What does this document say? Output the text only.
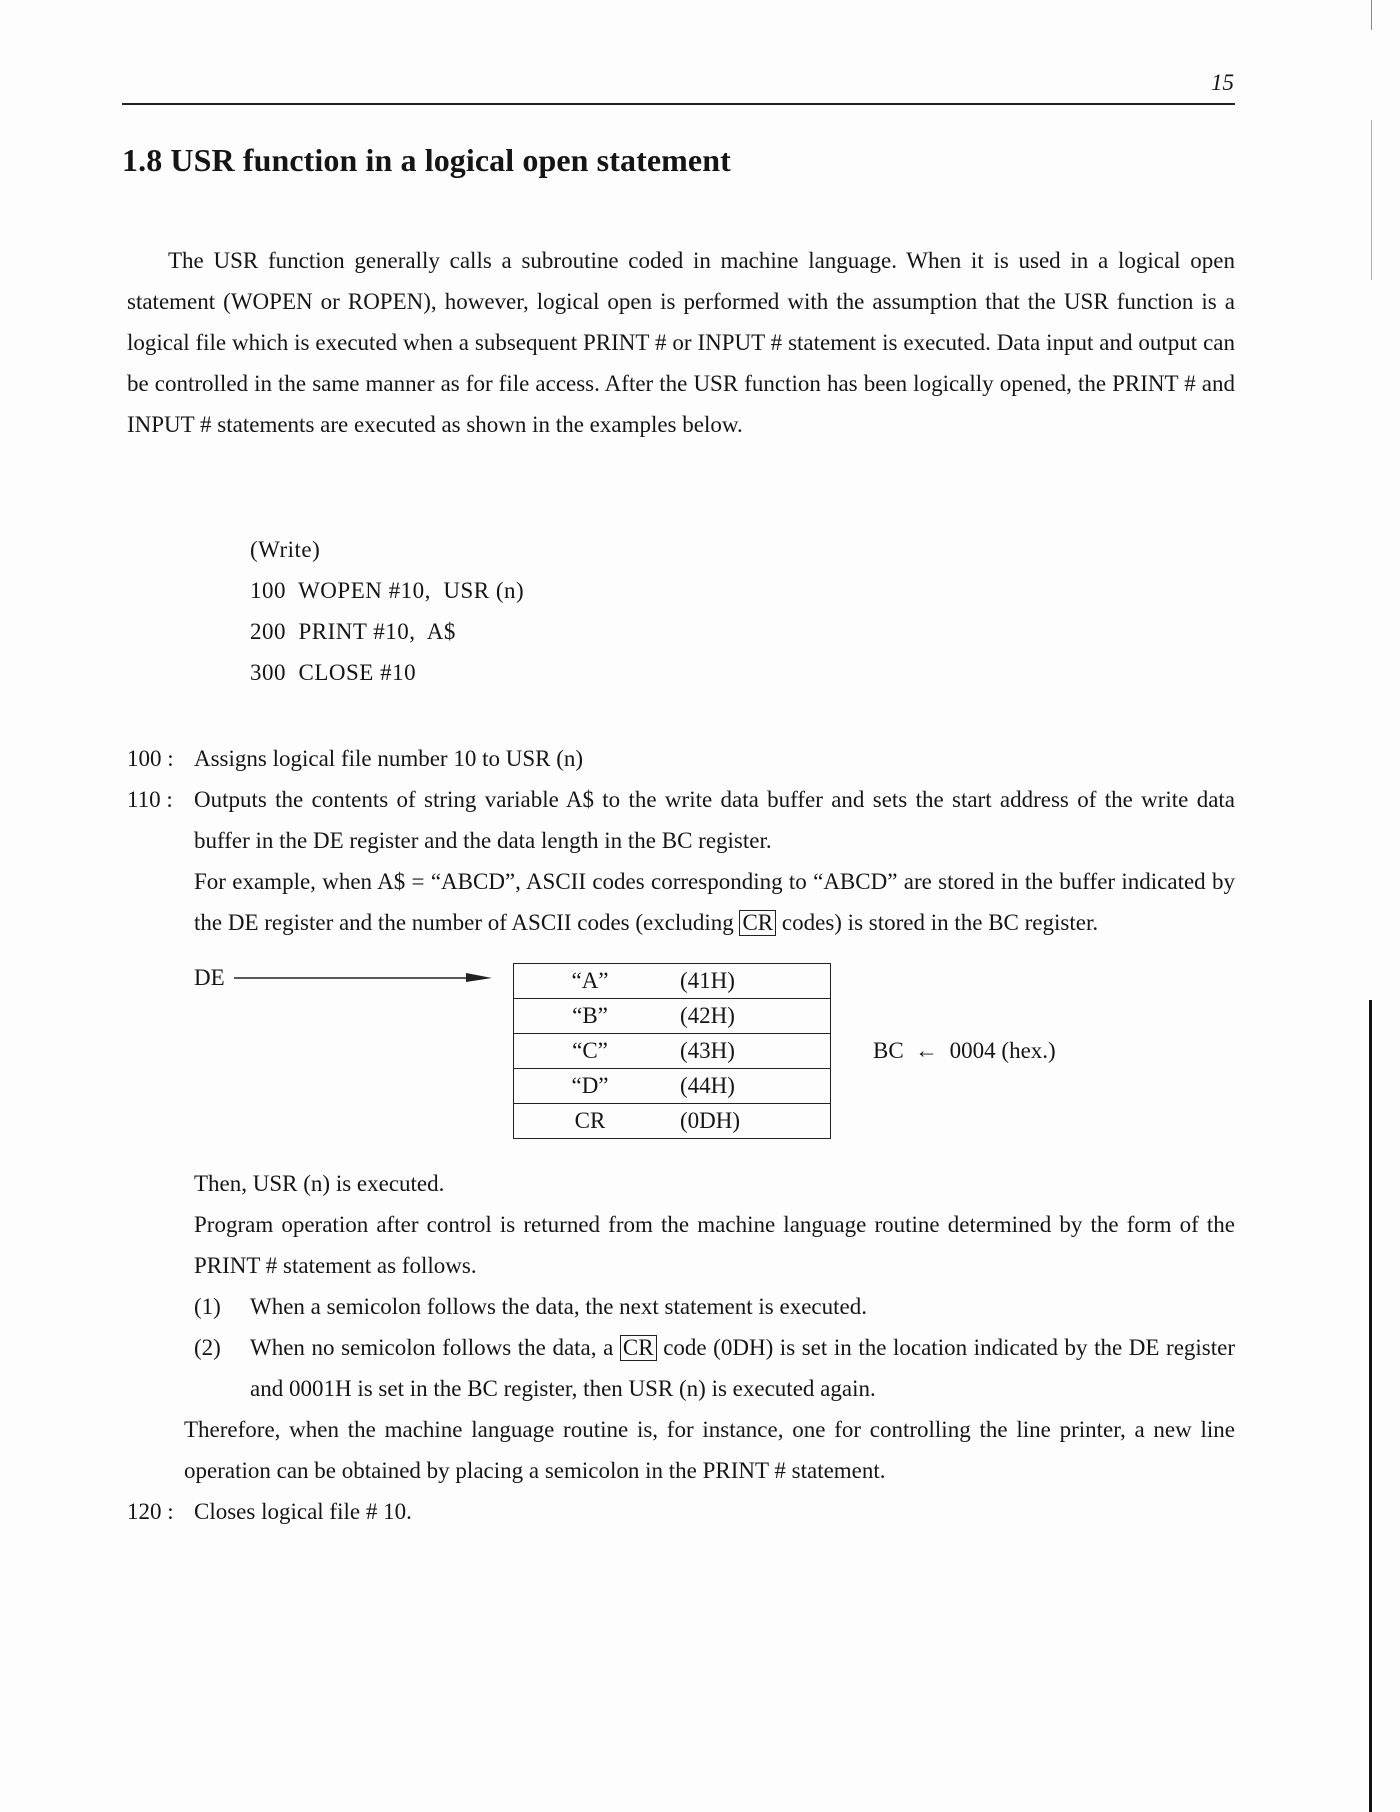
15
1.8 USR function in a logical open statement

The USR function generally calls a subroutine coded in machine language. When it is used in a logical open statement (WOPEN or ROPEN), however, logical open is performed with the assumption that the USR function is a logical file which is executed when a subsequent PRINT # or INPUT # statement is executed. Data input and output can be controlled in the same manner as for file access. After the USR function has been logically opened, the PRINT # and INPUT # statements are executed as shown in the examples below.

(Write)
100  WOPEN #10,  USR (n)
200  PRINT #10,  A$
300  CLOSE #10
100 : Assigns logical file number 10 to USR (n)

110 : Outputs the contents of string variable A$ to the write data buffer and sets the start address of the write data buffer in the DE register and the data length in the BC register.

For example, when A$ = “ABCD”, ASCII codes corresponding to “ABCD” are stored in the buffer indicated by the DE register and the number of ASCII codes (excluding CR codes) is stored in the BC register.

DE	“A”	(41H)
“B”	(42H)
“C”	(43H)
“D”	(44H)
CR	(0DH)
BC  ←  0004 (hex.)

Then, USR (n) is executed.

Program operation after control is returned from the machine language routine determined by the form of the PRINT # statement as follows.

(1) When a semicolon follows the data, the next statement is executed.
(2) When no semicolon follows the data, a CR code (0DH) is set in the location indicated by the DE register and 0001H is set in the BC register, then USR (n) is executed again.

Therefore, when the machine language routine is, for instance, one for controlling the line printer, a new line operation can be obtained by placing a semicolon in the PRINT # statement.

120 : Closes logical file # 10.
